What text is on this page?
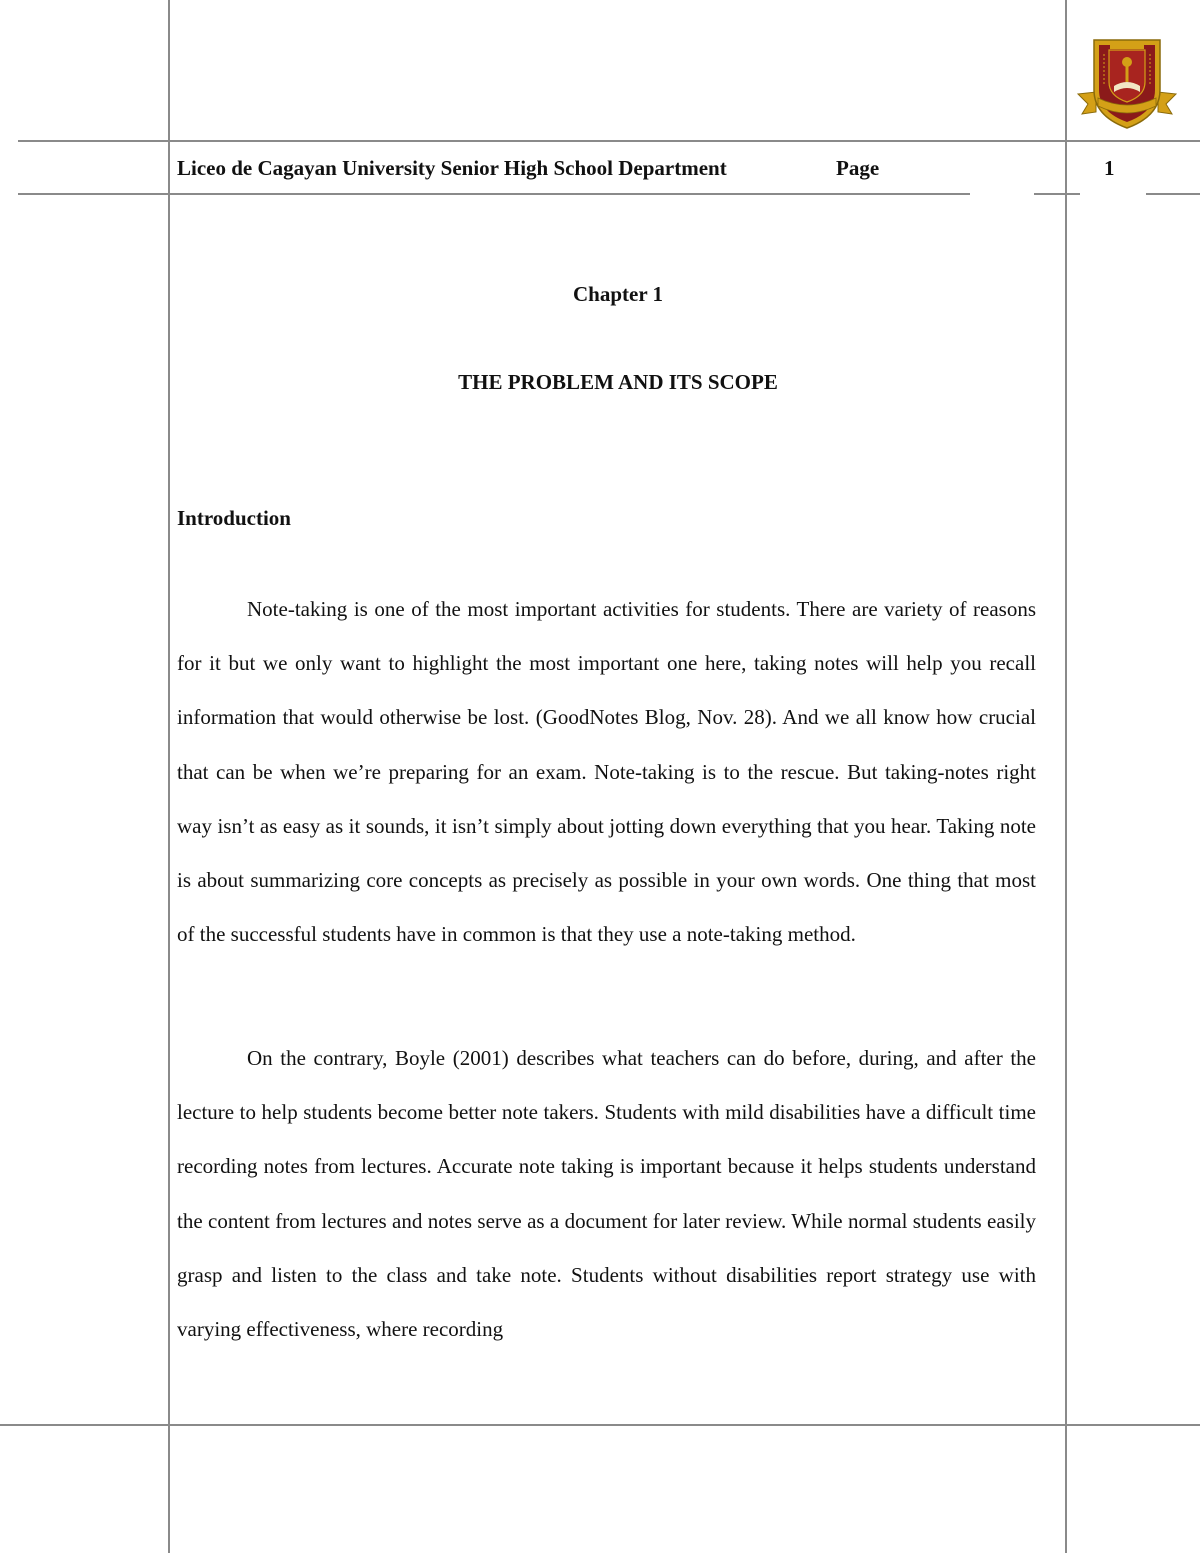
Liceo de Cagayan University Senior High School Department	Page	1
Chapter 1
THE PROBLEM AND ITS SCOPE
Introduction

Note-taking is one of the most important activities for students. There are variety of reasons for it but we only want to highlight the most important one here, taking notes will help you recall information that would otherwise be lost. (GoodNotes Blog, Nov. 28). And we all know how crucial that can be when we’re preparing for an exam. Note-taking is to the rescue. But taking-notes right way isn’t as easy as it sounds, it isn’t simply about jotting down everything that you hear. Taking note is about summarizing core concepts as precisely as possible in your own words. One thing that most of the successful students have in common is that they use a note-taking method.

On the contrary, Boyle (2001) describes what teachers can do before, during, and after the lecture to help students become better note takers. Students with mild disabilities have a difficult time recording notes from lectures. Accurate note taking is important because it helps students understand the content from lectures and notes serve as a document for later review. While normal students easily grasp and listen to the class and take note. Students without disabilities report strategy use with varying effectiveness, where recording
